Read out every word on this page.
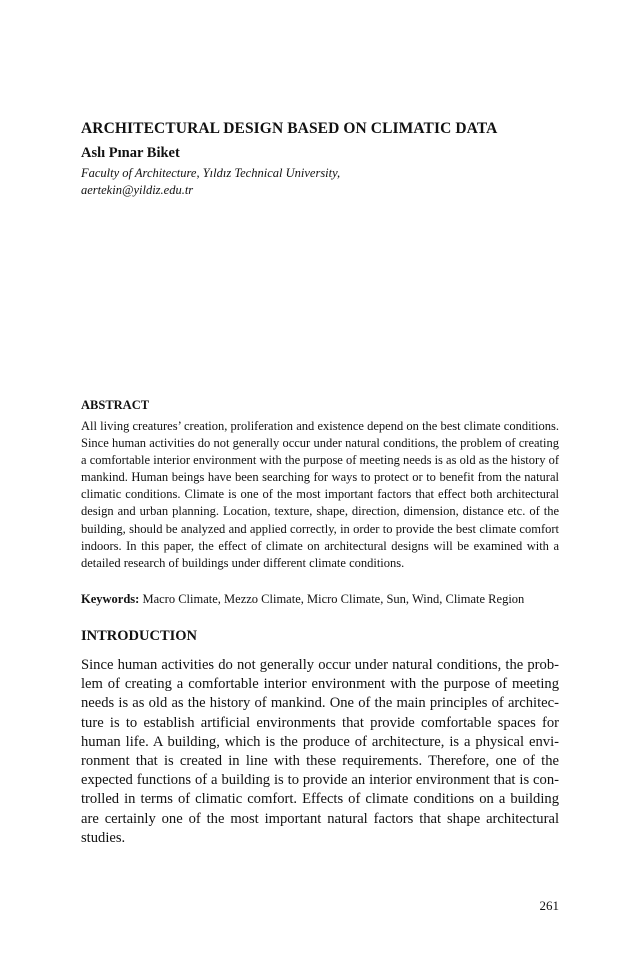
ARCHITECTURAL DESIGN BASED ON CLIMATIC DATA

Aslı Pınar Biket

Faculty of Architecture, Yıldız Technical University,

aertekin@yildiz.edu.tr

ABSTRACT

All living creatures’ creation, proliferation and existence depend on the best climate conditions. Since human activities do not generally occur under natural conditions, the problem of creating a comfortable interior environment with the purpose of meeting needs is as old as the history of mankind. Human beings have been searching for ways to protect or to benefit from the natural climatic conditions. Climate is one of the most important factors that effect both architectural design and urban planning. Location, texture, shape, direction, dimension, distance etc. of the building, should be analyzed and applied correctly, in order to provide the best climate comfort indoors. In this paper, the effect of climate on architectural designs will be examined with a detailed research of buildings under different climate conditions.

Keywords: Macro Climate, Mezzo Climate, Micro Climate, Sun, Wind, Climate Region

INTRODUCTION

Since human activities do not generally occur under natural conditions, the problem of creating a comfortable interior environment with the purpose of meeting needs is as old as the history of mankind. One of the main principles of architecture is to establish artificial environments that provide comfortable spaces for human life. A building, which is the produce of architecture, is a physical environment that is created in line with these requirements. Therefore, one of the expected functions of a building is to provide an interior environment that is controlled in terms of climatic comfort. Effects of climate conditions on a building are certainly one of the most important natural factors that shape architectural studies.

261
